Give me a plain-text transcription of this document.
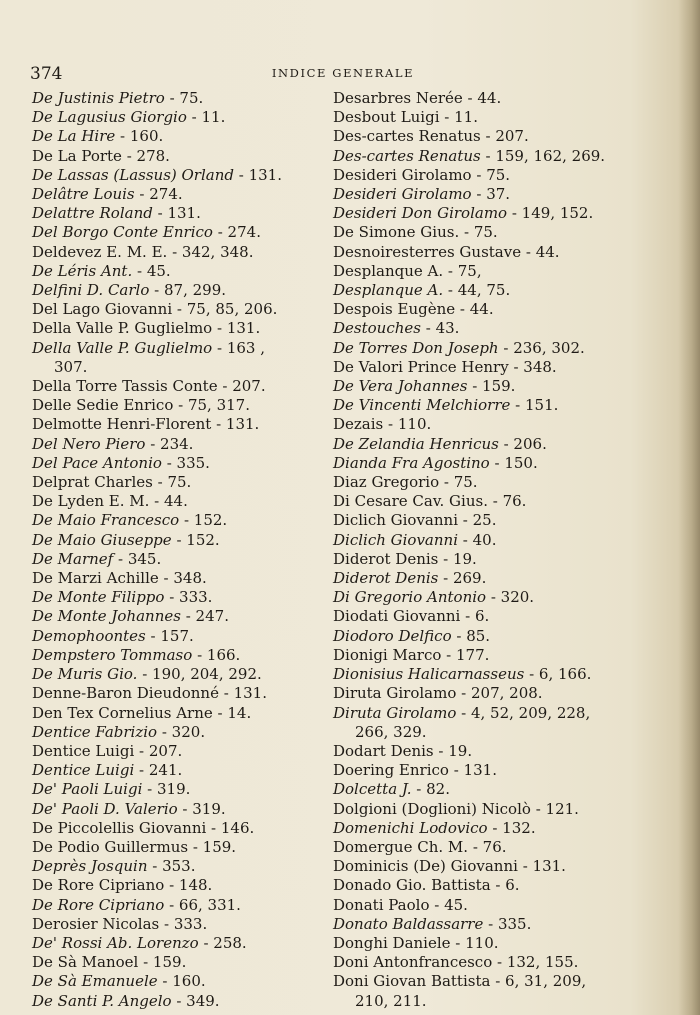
374	INDICE GENERALE
De Justinis Pietro - 75.
De Lagusius Giorgio - 11.
De La Hire - 160.
De La Porte - 278.
De Lassas (Lassus) Orland - 131.
Delâtre Louis - 274.
Delattre Roland - 131.
Del Borgo Conte Enrico - 274.
Deldevez E. M. E. - 342, 348.
De Léris Ant. - 45.
Delfini D. Carlo - 87, 299.
Del Lago Giovanni - 75, 85, 206.
Della Valle P. Guglielmo - 131.
Della Valle P. Guglielmo - 163 ,
307.
Della Torre Tassis Conte - 207.
Delle Sedie Enrico - 75, 317.
Delmotte Henri-Florent - 131.
Del Nero Piero - 234.
Del Pace Antonio - 335.
Delprat Charles - 75.
De Lyden E. M. - 44.
De Maio Francesco - 152.
De Maio Giuseppe - 152.
De Marnef - 345.
De Marzi Achille - 348.
De Monte Filippo - 333.
De Monte Johannes - 247.
Demophoontes - 157.
Dempstero Tommaso - 166.
De Muris Gio. - 190, 204, 292.
Denne-Baron Dieudonné - 131.
Den Tex Cornelius Arne - 14.
Dentice Fabrizio - 320.
Dentice Luigi - 207.
Dentice Luigi - 241.
De' Paoli Luigi - 319.
De' Paoli D. Valerio - 319.
De Piccolellis Giovanni - 146.
De Podio Guillermus - 159.
Deprès Josquin - 353.
De Rore Cipriano - 148.
De Rore Cipriano - 66, 331.
Derosier Nicolas - 333.
De' Rossi Ab. Lorenzo - 258.
De Sà Manoel - 159.
De Sà Emanuele - 160.
De Santi P. Angelo - 349.
Desarbres Nerée - 44.
Desbout Luigi - 11.
Des-cartes Renatus - 207.
Des-cartes Renatus - 159, 162, 269.
Desideri Girolamo - 75.
Desideri Girolamo - 37.
Desideri Don Girolamo - 149, 152.
De Simone Gius. - 75.
Desnoiresterres Gustave - 44.
Desplanque A. - 75,
Desplanque A. - 44, 75.
Despois Eugène - 44.
Destouches - 43.
De Torres Don Joseph - 236, 302.
De Valori Prince Henry - 348.
De Vera Johannes - 159.
De Vincenti Melchiorre - 151.
Dezais - 110.
De Zelandia Henricus - 206.
Dianda Fra Agostino - 150.
Diaz Gregorio - 75.
Di Cesare Cav. Gius. - 76.
Diclich Giovanni - 25.
Diclich Giovanni - 40.
Diderot Denis - 19.
Diderot Denis - 269.
Di Gregorio Antonio - 320.
Diodati Giovanni - 6.
Diodoro Delfico - 85.
Dionigi Marco - 177.
Dionisius Halicarnasseus - 6, 166.
Diruta Girolamo - 207, 208.
Diruta Girolamo - 4, 52, 209, 228,
266, 329.
Dodart Denis - 19.
Doering Enrico - 131.
Dolcetta J. - 82.
Dolgioni (Doglioni) Nicolò - 121.
Domenichi Lodovico - 132.
Domergue Ch. M. - 76.
Dominicis (De) Giovanni - 131.
Donado Gio. Battista - 6.
Donati Paolo - 45.
Donato Baldassarre - 335.
Donghi Daniele - 110.
Doni Antonfrancesco - 132, 155.
Doni Giovan Battista - 6, 31, 209,
210, 211.
